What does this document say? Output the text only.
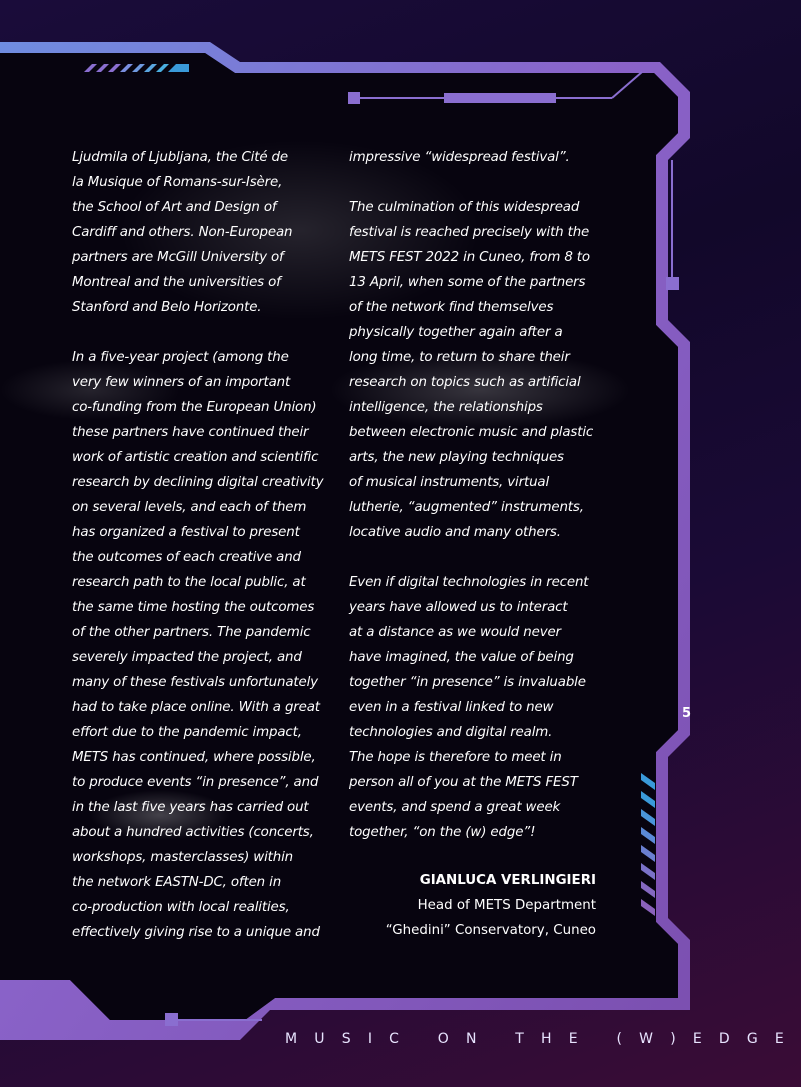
Ljudmila of Ljubljana, the Cité de
la Musique of Romans-sur-Isère,
the School of Art and Design of
Cardiff and others. Non-European
partners are McGill University of
Montreal and the universities of
Stanford and Belo Horizonte.
In a five-year project (among the
very few winners of an important
co-funding from the European Union)
these partners have continued their
work of artistic creation and scientific
research by declining digital creativity
on several levels, and each of them
has organized a festival to present
the outcomes of each creative and
research path to the local public, at
the same time hosting the outcomes
of the other partners. The pandemic
severely impacted the project, and
many of these festivals unfortunately
had to take place online. With a great
effort due to the pandemic impact,
METS has continued, where possible,
to produce events “in presence”, and
in the last five years has carried out
about a hundred activities (concerts,
workshops, masterclasses) within
the network EASTN-DC, often in
co-production with local realities,
effectively giving rise to a unique and
impressive “widespread festival”.
The culmination of this widespread
festival is reached precisely with the
METS FEST 2022 in Cuneo, from 8 to
13 April, when some of the partners
of the network find themselves
physically together again after a
long time, to return to share their
research on topics such as artificial
intelligence, the relationships
between electronic music and plastic
arts, the new playing techniques
of musical instruments, virtual
lutherie, “augmented” instruments,
locative audio and many others.
Even if digital technologies in recent
years have allowed us to interact
at a distance as we would never
have imagined, the value of being
together “in presence” is invaluable
even in a festival linked to new
technologies and digital realm.
The hope is therefore to meet in
person all of you at the METS FEST
events, and spend a great week
together, “on the (w) edge”!
GIANLUCA VERLINGIERI
Head of METS Department
“Ghedini” Conservatory, Cuneo
5
MUSIC ON THE (W)EDGE
